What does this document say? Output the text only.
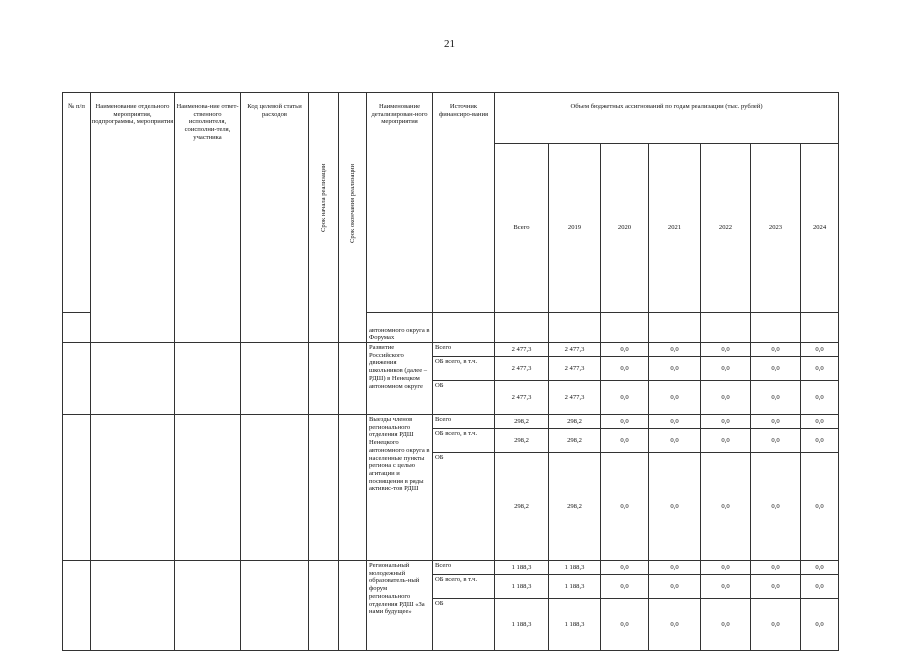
21
№ п/п	Наименование отдельного мероприятия, подпрограммы, мероприятия	Наименова-ние ответ-ственного исполнителя, соисполни-теля, участника	Код целевой статьи расходов	Срок начала реализации	Срок окончания реализации	Наименование детализирован-ного мероприятия	Источник финансиро-вания	Объем бюджетных ассигнований по годам реализации (тыс. рублей)							
								Всего	2019	2020	2021	2022	2023	2024	
						автономного округа в Форумах									
						Развитие Российского движения школьников (далее – РДШ) в Ненецком автономном округе	Всего	2 477,3	2 477,3	0,0	0,0	0,0	0,0	0,0	
							ОБ всего, в т.ч.	2 477,3	2 477,3	0,0	0,0	0,0	0,0	0,0	
							ОБ	2 477,3	2 477,3	0,0	0,0	0,0	0,0	0,0	
						Выезды членов регионального отделения РДШ Ненецкого автономного округа в населенные пункты региона с целью агитации и посвящения в ряды активис-тов РДШ	Всего	298,2	298,2	0,0	0,0	0,0	0,0	0,0	
							ОБ всего, в т.ч.	298,2	298,2	0,0	0,0	0,0	0,0	0,0	
							ОБ	298,2	298,2	0,0	0,0	0,0	0,0	0,0	
						Региональный молодежный образователь-ный форум регионального отделения РДШ «За нами будущее»	Всего	1 188,3	1 188,3	0,0	0,0	0,0	0,0	0,0	
							ОБ всего, в т.ч.	1 188,3	1 188,3	0,0	0,0	0,0	0,0	0,0	
							ОБ	1 188,3	1 188,3	0,0	0,0	0,0	0,0	0,0	
